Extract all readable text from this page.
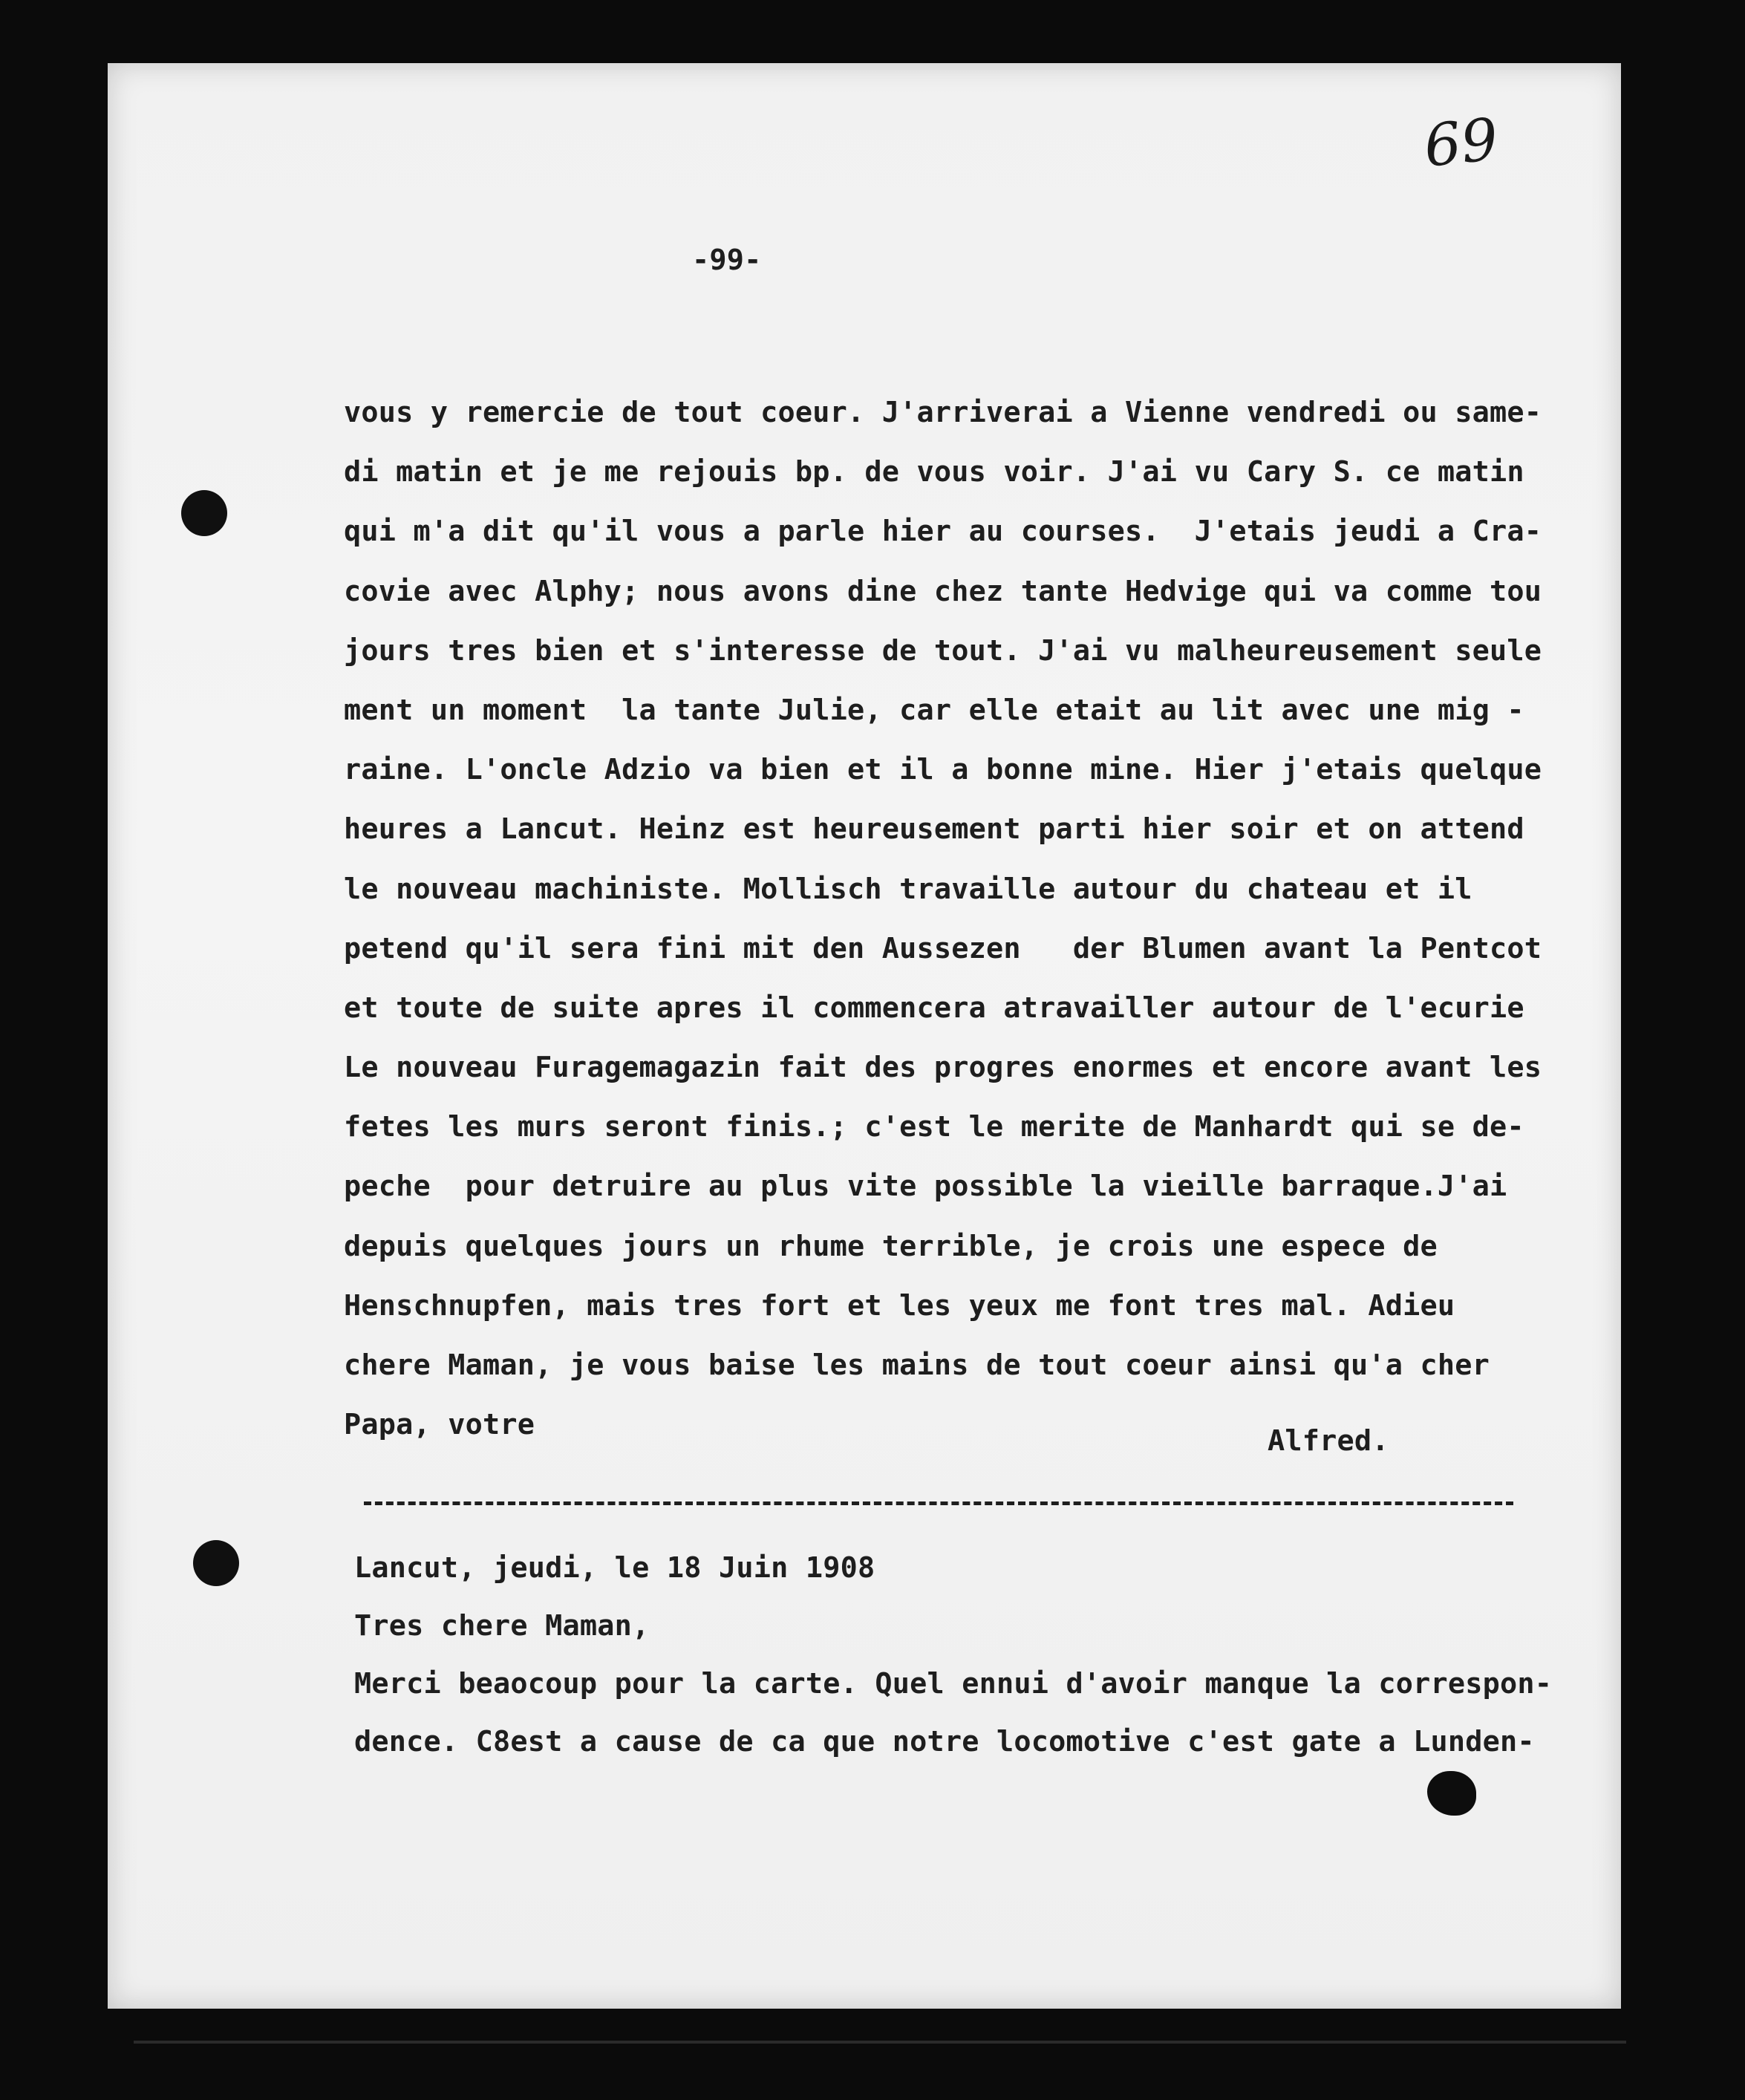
69
-99-
vous y remercie de tout coeur. J'arriverai a Vienne vendredi ou same-
di matin et je me rejouis bp. de vous voir. J'ai vu Cary S. ce matin
qui m'a dit qu'il vous a parle hier au courses.  J'etais jeudi a Cra-
covie avec Alphy; nous avons dine chez tante Hedvige qui va comme tou
jours tres bien et s'interesse de tout. J'ai vu malheureusement seule
ment un moment  la tante Julie, car elle etait au lit avec une mig -
raine. L'oncle Adzio va bien et il a bonne mine. Hier j'etais quelque
heures a Lancut. Heinz est heureusement parti hier soir et on attend
le nouveau machiniste. Mollisch travaille autour du chateau et il
petend qu'il sera fini mit den Aussezen   der Blumen avant la Pentcot
et toute de suite apres il commencera atravailler autour de l'ecurie
Le nouveau Furagemagazin fait des progres enormes et encore avant les
fetes les murs seront finis.; c'est le merite de Manhardt qui se de-
peche  pour detruire au plus vite possible la vieille barraque.J'ai
depuis quelques jours un rhume terrible, je crois une espece de
Henschnupfen, mais tres fort et les yeux me font tres mal. Adieu
chere Maman, je vous baise les mains de tout coeur ainsi qu'a cher
Papa, votre	Alfred.
Lancut, jeudi, le 18 Juin 1908
Tres chere Maman,
Merci beaocoup pour la carte. Quel ennui d'avoir manque la correspon-
dence. C8est a cause de ca que notre locomotive c'est gate a Lunden-
